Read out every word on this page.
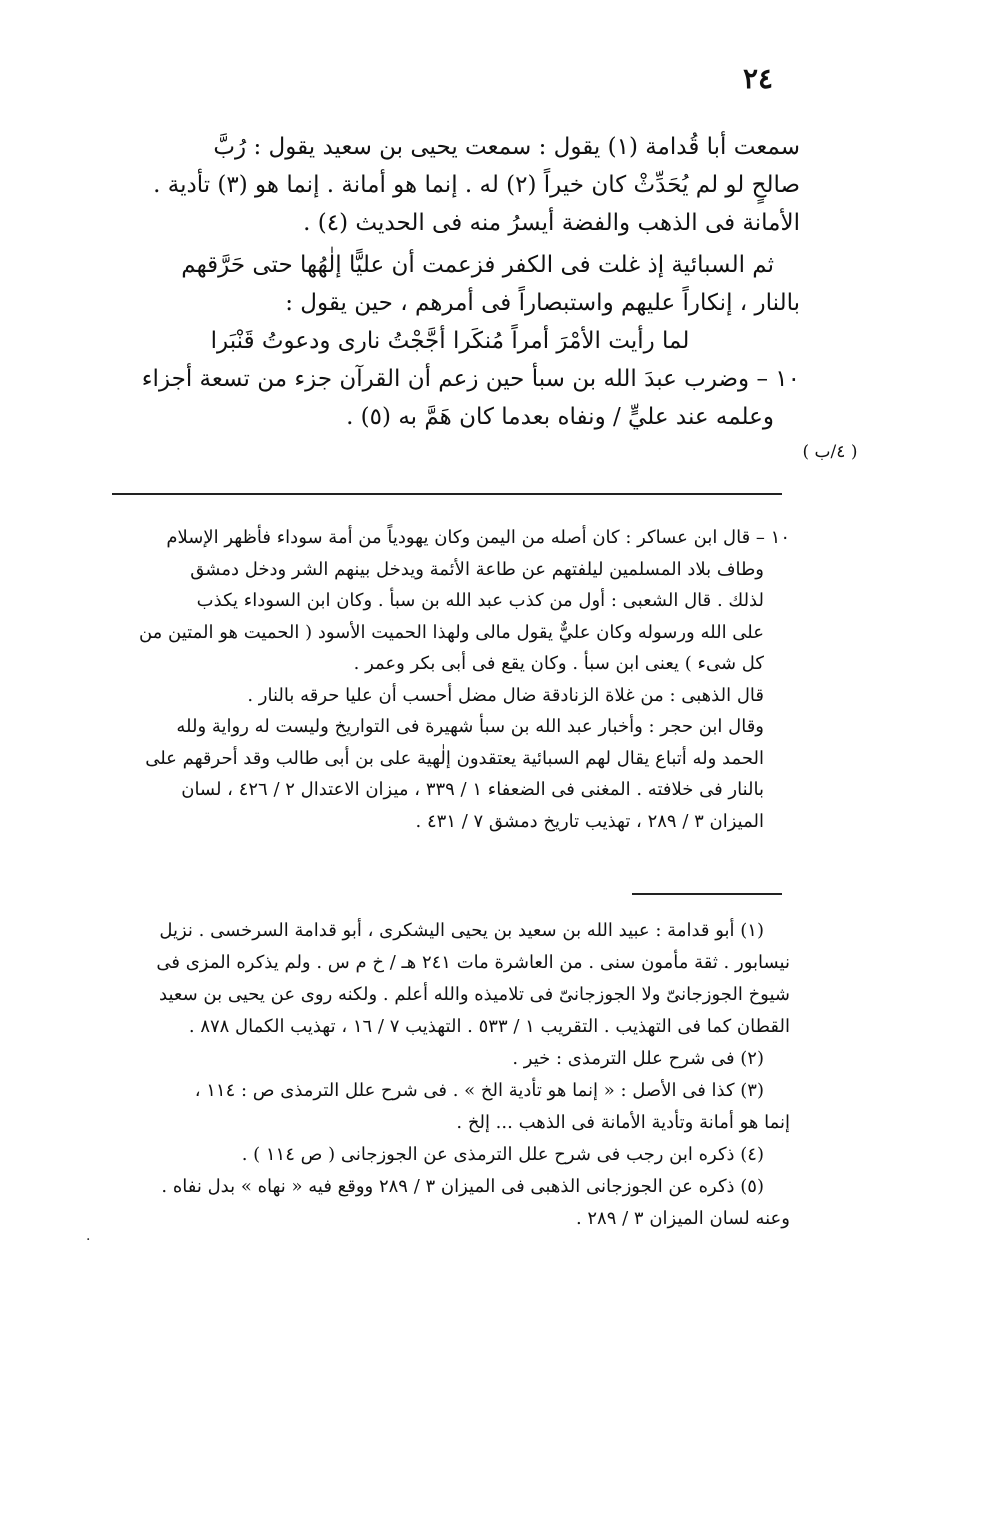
٢٤
سمعت أبا قُدامة (١) يقول : سمعت يحيى بن سعيد يقول : رُبَّ
صالحٍ لو لم يُحَدِّثْ كان خيراً (٢) له . إنما هو أمانة . إنما هو (٣) تأدية .
الأمانة فى الذهب والفضة أيسرُ منه فى الحديث (٤) .
ثم السبائية إذ غلت فى الكفر فزعمت أن عليًّا إلٰهُها حتى حَرَّقهم
بالنار ، إنكاراً عليهم واستبصاراً فى أمرهم ، حين يقول :
لما رأيت الأمْرَ أمراً مُنكَرا أجَّجْتُ نارى ودعوتُ قَنْبَرا
١٠ – وضرب عبدَ الله بن سبأ حين زعم أن القرآن جزء من تسعة أجزاء
وعلمه عند عليٍّ / ونفاه بعدما كان هَمَّ به (٥) .
( ٤/ب )
١٠ – قال ابن عساكر : كان أصله من اليمن وكان يهودياً من أمة سوداء فأظهر الإسلام
وطاف بلاد المسلمين ليلفتهم عن طاعة الأئمة ويدخل بينهم الشر ودخل دمشق
لذلك . قال الشعبى : أول من كذب عبد الله بن سبأ . وكان ابن السوداء يكذب
على الله ورسوله وكان عليٌّ يقول مالى ولهذا الحميت الأسود ( الحميت هو المتين من
كل شىء ) يعنى ابن سبأ . وكان يقع فى أبى بكر وعمر .
قال الذهبى : من غلاة الزنادقة ضال مضل أحسب أن عليا حرقه بالنار .
وقال ابن حجر : وأخبار عبد الله بن سبأ شهيرة فى التواريخ وليست له رواية ولله
الحمد وله أتباع يقال لهم السبائية يعتقدون إلٰهية على بن أبى طالب وقد أحرقهم على
بالنار فى خلافته . المغنى فى الضعفاء ١ / ٣٣٩ ، ميزان الاعتدال ٢ / ٤٢٦ ، لسان
الميزان ٣ / ٢٨٩ ، تهذيب تاريخ دمشق ٧ / ٤٣١ .
(١) أبو قدامة : عبيد الله بن سعيد بن يحيى اليشكرى ، أبو قدامة السرخسى . نزيل
نيسابور . ثقة مأمون سنى . من العاشرة مات ٢٤١ هـ / خ م س . ولم يذكره المزى فى
شيوخ الجوزجانىّ ولا الجوزجانىّ فى تلاميذه والله أعلم . ولكنه روى عن يحيى بن سعيد
القطان كما فى التهذيب . التقريب ١ / ٥٣٣ . التهذيب ٧ / ١٦ ، تهذيب الكمال ٨٧٨ .
(٢) فى شرح علل الترمذى : خير .
(٣) كذا فى الأصل : « إنما هو تأدية الخ » . فى شرح علل الترمذى ص : ١١٤ ،
إنما هو أمانة وتأدية الأمانة فى الذهب ... إلخ .
(٤) ذكره ابن رجب فى شرح علل الترمذى عن الجوزجانى ( ص ١١٤ ) .
(٥) ذكره عن الجوزجانى الذهبى فى الميزان ٣ / ٢٨٩ ووقع فيه « نهاه » بدل نفاه .
وعنه لسان الميزان ٣ / ٢٨٩ .
·
